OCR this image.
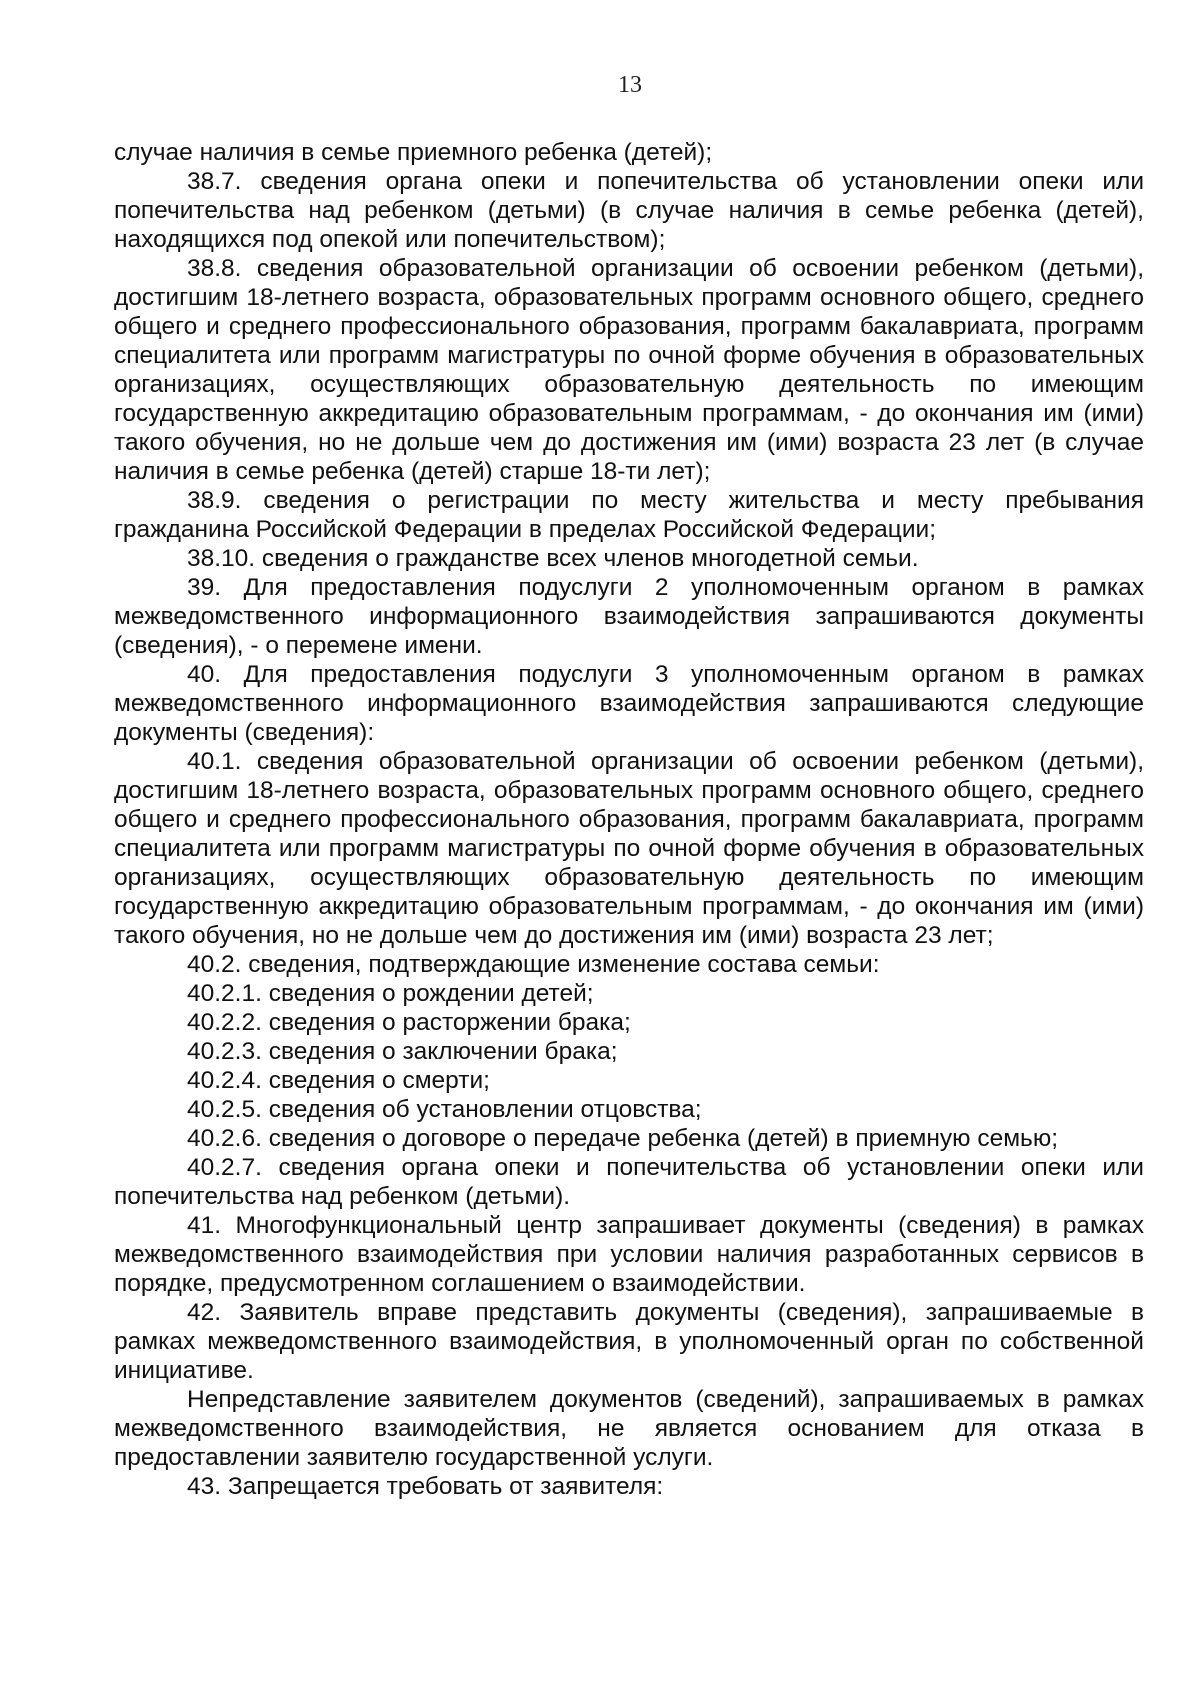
13

случае наличия в семье приемного ребенка (детей);

38.7. сведения органа опеки и попечительства об установлении опеки или попечительства над ребенком (детьми) (в случае наличия в семье ребенка (детей), находящихся под опекой или попечительством);

38.8. сведения образовательной организации об освоении ребенком (детьми), достигшим 18-летнего возраста, образовательных программ основного общего, среднего общего и среднего профессионального образования, программ бакалавриата, программ специалитета или программ магистратуры по очной форме обучения в образовательных организациях, осуществляющих образовательную деятельность по имеющим государственную аккредитацию образовательным программам, - до окончания им (ими) такого обучения, но не дольше чем до достижения им (ими) возраста 23 лет (в случае наличия в семье ребенка (детей) старше 18-ти лет);

38.9. сведения о регистрации по месту жительства и месту пребывания гражданина Российской Федерации в пределах Российской Федерации;

38.10. сведения о гражданстве всех членов многодетной семьи.

39. Для предоставления подуслуги 2 уполномоченным органом в рамках межведомственного информационного взаимодействия запрашиваются документы (сведения), - о перемене имени.

40. Для предоставления подуслуги 3 уполномоченным органом в рамках межведомственного информационного взаимодействия запрашиваются следующие документы (сведения):

40.1. сведения образовательной организации об освоении ребенком (детьми), достигшим 18-летнего возраста, образовательных программ основного общего, среднего общего и среднего профессионального образования, программ бакалавриата, программ специалитета или программ магистратуры по очной форме обучения в образовательных организациях, осуществляющих образовательную деятельность по имеющим государственную аккредитацию образовательным программам, - до окончания им (ими) такого обучения, но не дольше чем до достижения им (ими) возраста 23 лет;

40.2. сведения, подтверждающие изменение состава семьи:

40.2.1. сведения о рождении детей;

40.2.2. сведения о расторжении брака;

40.2.3. сведения о заключении брака;

40.2.4. сведения о смерти;

40.2.5. сведения об установлении отцовства;

40.2.6. сведения о договоре о передаче ребенка (детей) в приемную семью;

40.2.7. сведения органа опеки и попечительства об установлении опеки или попечительства над ребенком (детьми).

41. Многофункциональный центр запрашивает документы (сведения) в рамках межведомственного взаимодействия при условии наличия разработанных сервисов в порядке, предусмотренном соглашением о взаимодействии.

42. Заявитель вправе представить документы (сведения), запрашиваемые в рамках межведомственного взаимодействия, в уполномоченный орган по собственной инициативе.

Непредставление заявителем документов (сведений), запрашиваемых в рамках межведомственного взаимодействия, не является основанием для отказа в предоставлении заявителю государственной услуги.

43. Запрещается требовать от заявителя:
